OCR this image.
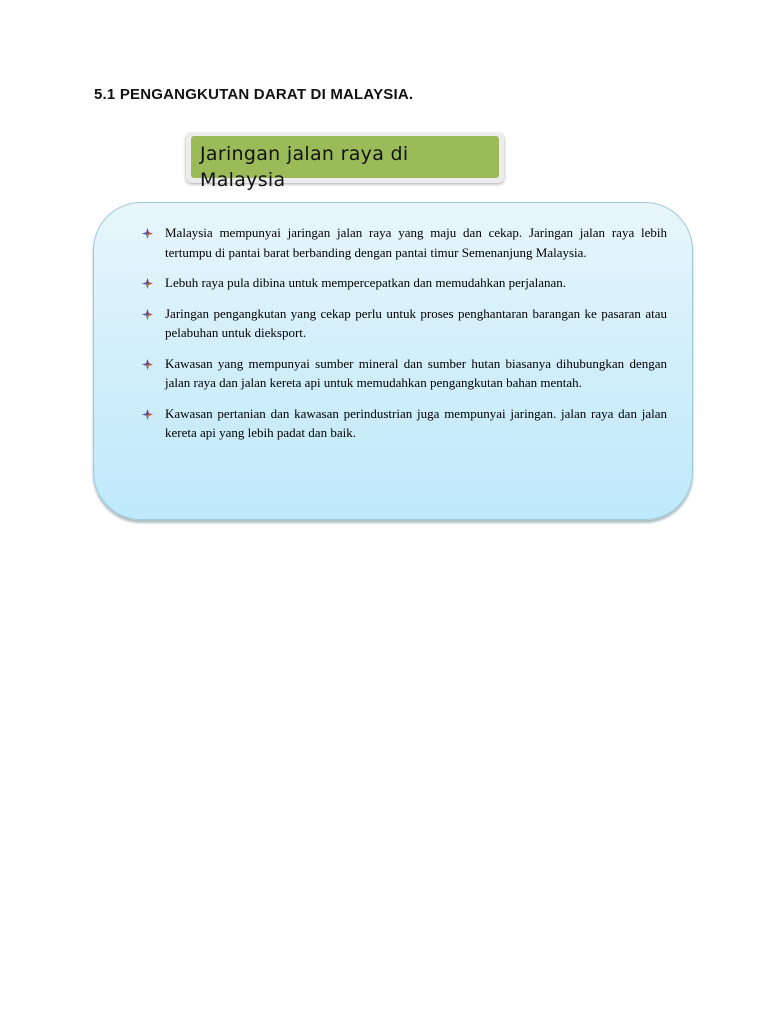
5.1 PENGANGKUTAN DARAT DI MALAYSIA.

Jaringan jalan raya di Malaysia

Malaysia mempunyai jaringan jalan raya yang maju dan cekap. Jaringan jalan raya lebih tertumpu di pantai barat berbanding dengan pantai timur Semenanjung Malaysia.
Lebuh raya pula dibina untuk mempercepatkan dan memudahkan perjalanan.
Jaringan pengangkutan yang cekap perlu untuk proses penghantaran barangan ke pasaran atau pelabuhan untuk dieksport.
Kawasan yang mempunyai sumber mineral dan sumber hutan biasanya dihubungkan dengan jalan raya dan jalan kereta api untuk memudahkan pengangkutan bahan mentah.
Kawasan pertanian dan kawasan perindustrian juga mempunyai jaringan. jalan raya dan jalan kereta api yang lebih padat dan baik.
